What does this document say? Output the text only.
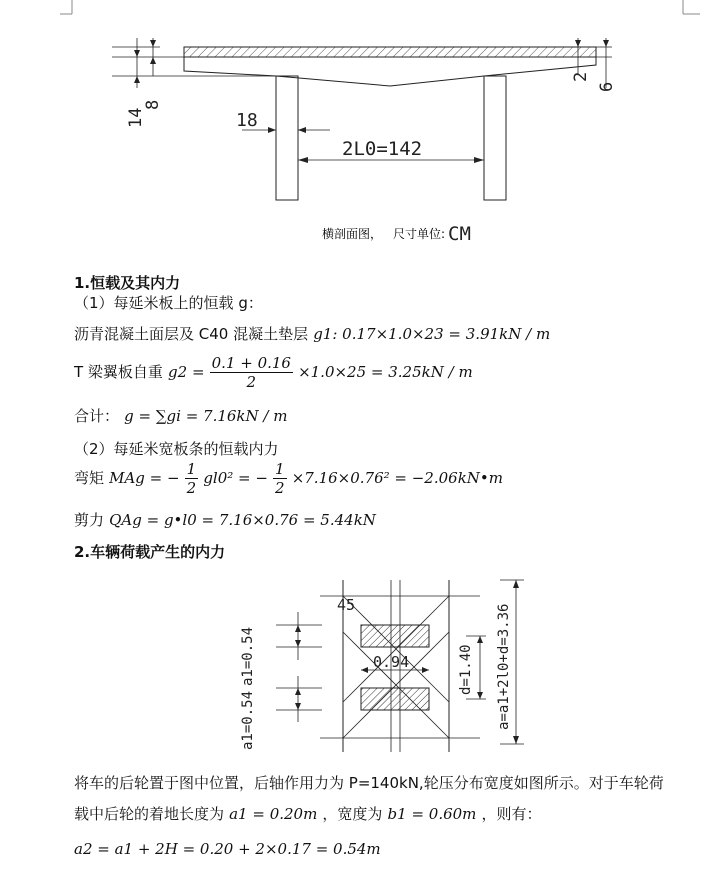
14
8
18
2L0=142
2
6
横剖面图， 尺寸单位: CM
1.恒载及其内力
（1）每延米板上的恒载 g：
沥青混凝土面层及 C40 混凝土垫层 g1: 0.17×1.0×23 = 3.91kN / m
T 梁翼板自重 $g2 = \frac{0.1 + 0.16}{2} \times 1.0\times 25 = 3.25kN / m$
合计： g = ∑gi = 7.16kN / m
（2）每延米宽板条的恒载内力
弯矩 MAg = − $\frac{1}{2} gl0^2$ = − $\frac{1}{2} \times 7.16\times 0.76^2$ = −2.06kN•m
剪力 QAg = g•l0 = 7.16×0.76 = 5.44kN
2.车辆荷载产生的内力
0.94
45
a1=0.54
a1=0.54
d=1.40 a=a1+2l0+d=3.36
将车的后轮置于图中位置，后轴作用力为 P=140kN,轮压分布宽度如图所示。对于车轮荷
载中后轮的着地长度为 a1 = 0.20m ，宽度为 b1 = 0.60m ，则有：
a2 = a1 + 2H = 0.20 + 2×0.17 = 0.54m
